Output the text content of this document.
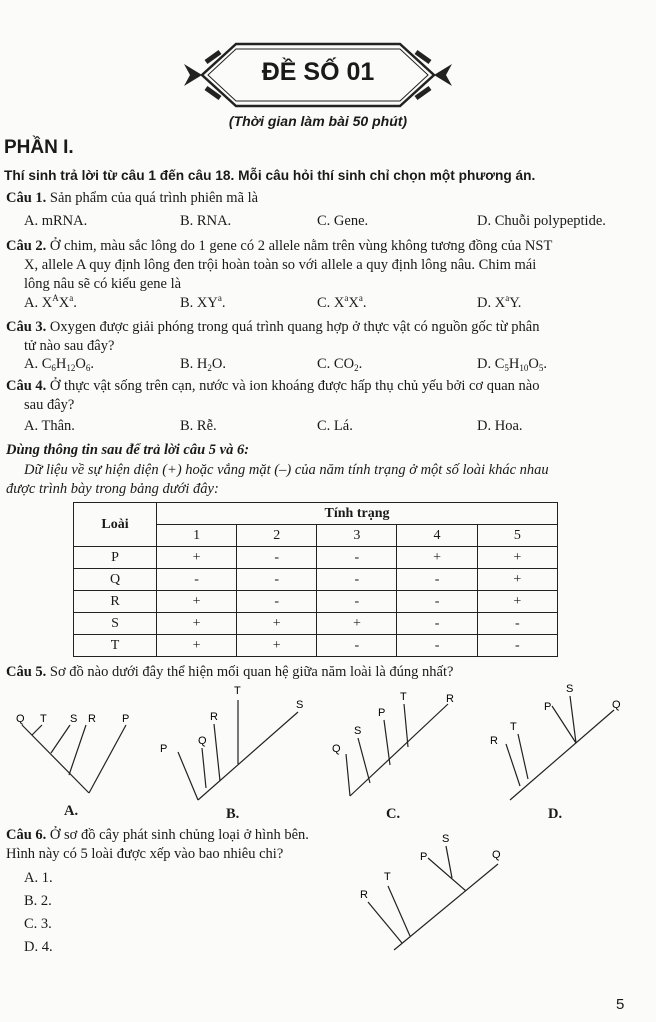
ĐỀ SỐ 01
(Thời gian làm bài 50 phút)
PHẦN I.
Thí sinh trả lời từ câu 1 đến câu 18. Mỗi câu hỏi thí sinh chỉ chọn một phương án.
Câu 1. Sản phẩm của quá trình phiên mã là
A. mRNA.	B. RNA.	C. Gene.	D. Chuỗi polypeptide.
Câu 2. Ở chim, màu sắc lông do 1 gene có 2 allele nằm trên vùng không tương đồng của NST
X, allele A quy định lông đen trội hoàn toàn so với allele a quy định lông nâu. Chim mái
lông nâu sẽ có kiểu gene là
A. $X^AX^a$.	B. $XY^a$.	C. $X^aX^a$.	D. $X^aY$.
Câu 3. Oxygen được giải phóng trong quá trình quang hợp ở thực vật có nguồn gốc từ phân
tử nào sau đây?
A. $C_6H_{12}O_6$.	B. $H_2O$.	C. $CO_2$.	D. $C_5H_{10}O_5$.
Câu 4. Ở thực vật sống trên cạn, nước và ion khoáng được hấp thụ chủ yếu bởi cơ quan nào
sau đây?
A. Thân.	B. Rễ.	C. Lá.	D. Hoa.
Dùng thông tin sau để trả lời câu 5 và 6:
Dữ liệu về sự hiện diện (+) hoặc vắng mặt (–) của năm tính trạng ở một số loài khác nhau
được trình bày trong bảng dưới đây:
Loài	Tính trạng				
	1	2	3	4	5
P	+	-	-	+	+
Q	-	-	-	-	+
R	+	-	-	-	+
S	+	+	+	-	-
T	+	+	-	-	-
Câu 5. Sơ đồ nào dưới đây thể hiện mối quan hệ giữa năm loài là đúng nhất?
Q T S R P
A.
T
R
S
Q
P
B.
T	R
P
S
Q
C.
S
P	Q
T
R
D.
Câu 6. Ở sơ đồ cây phát sinh chủng loại ở hình bên.
Hình này có 5 loài được xếp vào bao nhiêu chi?
A. 1.
B. 2.
C. 3.
D. 4.
S
P	Q
T
R
5
